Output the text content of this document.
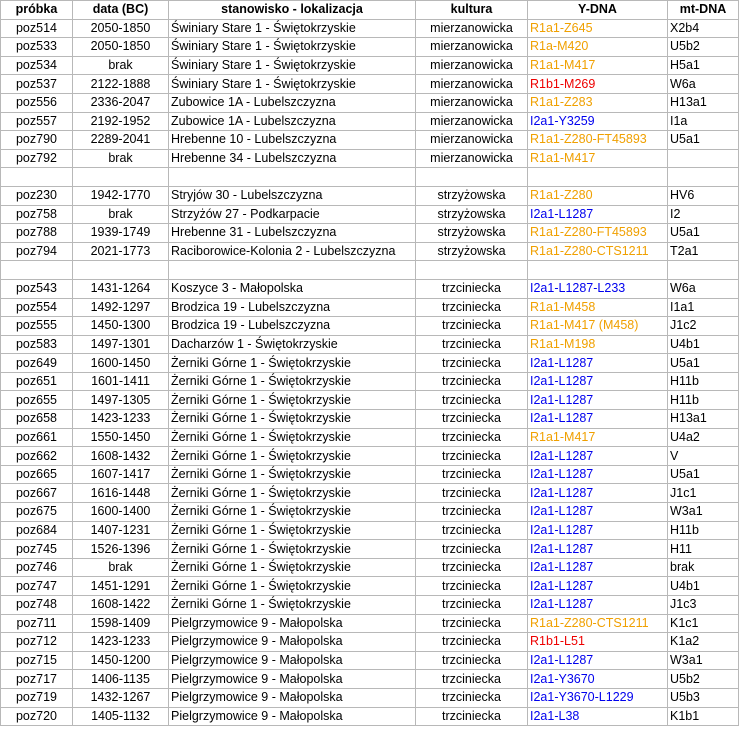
próbka	data (BC)	stanowisko - lokalizacja	kultura	Y-DNA	mt-DNA
poz514	2050-1850	Świniary Stare 1 - Świętokrzyskie	mierzanowicka	R1a1-Z645	X2b4
poz533	2050-1850	Świniary Stare 1 - Świętokrzyskie	mierzanowicka	R1a-M420	U5b2
poz534	brak	Świniary Stare 1 - Świętokrzyskie	mierzanowicka	R1a1-M417	H5a1
poz537	2122-1888	Świniary Stare 1 - Świętokrzyskie	mierzanowicka	R1b1-M269	W6a
poz556	2336-2047	Zubowice 1A - Lubelszczyzna	mierzanowicka	R1a1-Z283	H13a1
poz557	2192-1952	Zubowice 1A - Lubelszczyzna	mierzanowicka	I2a1-Y3259	I1a
poz790	2289-2041	Hrebenne 10 - Lubelszczyzna	mierzanowicka	R1a1-Z280-FT45893	U5a1
poz792	brak	Hrebenne 34 - Lubelszczyzna	mierzanowicka	R1a1-M417	

poz230	1942-1770	Stryjów 30 - Lubelszczyzna	strzyżowska	R1a1-Z280	HV6
poz758	brak	Strzyżów 27 - Podkarpacie	strzyżowska	I2a1-L1287	I2
poz788	1939-1749	Hrebenne 31 - Lubelszczyzna	strzyżowska	R1a1-Z280-FT45893	U5a1
poz794	2021-1773	Raciborowice-Kolonia 2 - Lubelszczyzna	strzyżowska	R1a1-Z280-CTS1211	T2a1

poz543	1431-1264	Koszyce 3 - Małopolska	trzciniecka	I2a1-L1287-L233	W6a
poz554	1492-1297	Brodzica 19 - Lubelszczyzna	trzciniecka	R1a1-M458	I1a1
poz555	1450-1300	Brodzica 19 - Lubelszczyzna	trzciniecka	R1a1-M417 (M458)	J1c2
poz583	1497-1301	Dacharzów 1 - Świętokrzyskie	trzciniecka	R1a1-M198	U4b1
poz649	1600-1450	Żerniki Górne 1 - Świętokrzyskie	trzciniecka	I2a1-L1287	U5a1
poz651	1601-1411	Żerniki Górne 1 - Świętokrzyskie	trzciniecka	I2a1-L1287	H11b
poz655	1497-1305	Żerniki Górne 1 - Świętokrzyskie	trzciniecka	I2a1-L1287	H11b
poz658	1423-1233	Żerniki Górne 1 - Świętokrzyskie	trzciniecka	I2a1-L1287	H13a1
poz661	1550-1450	Żerniki Górne 1 - Świętokrzyskie	trzciniecka	R1a1-M417	U4a2
poz662	1608-1432	Żerniki Górne 1 - Świętokrzyskie	trzciniecka	I2a1-L1287	V
poz665	1607-1417	Żerniki Górne 1 - Świętokrzyskie	trzciniecka	I2a1-L1287	U5a1
poz667	1616-1448	Żerniki Górne 1 - Świętokrzyskie	trzciniecka	I2a1-L1287	J1c1
poz675	1600-1400	Żerniki Górne 1 - Świętokrzyskie	trzciniecka	I2a1-L1287	W3a1
poz684	1407-1231	Żerniki Górne 1 - Świętokrzyskie	trzciniecka	I2a1-L1287	H11b
poz745	1526-1396	Żerniki Górne 1 - Świętokrzyskie	trzciniecka	I2a1-L1287	H11
poz746	brak	Żerniki Górne 1 - Świętokrzyskie	trzciniecka	I2a1-L1287	brak
poz747	1451-1291	Żerniki Górne 1 - Świętokrzyskie	trzciniecka	I2a1-L1287	U4b1
poz748	1608-1422	Żerniki Górne 1 - Świętokrzyskie	trzciniecka	I2a1-L1287	J1c3
poz711	1598-1409	Pielgrzymowice 9 - Małopolska	trzciniecka	R1a1-Z280-CTS1211	K1c1
poz712	1423-1233	Pielgrzymowice 9 - Małopolska	trzciniecka	R1b1-L51	K1a2
poz715	1450-1200	Pielgrzymowice 9 - Małopolska	trzciniecka	I2a1-L1287	W3a1
poz717	1406-1135	Pielgrzymowice 9 - Małopolska	trzciniecka	I2a1-Y3670	U5b2
poz719	1432-1267	Pielgrzymowice 9 - Małopolska	trzciniecka	I2a1-Y3670-L1229	U5b3
poz720	1405-1132	Pielgrzymowice 9 - Małopolska	trzciniecka	I2a1-L38	K1b1
